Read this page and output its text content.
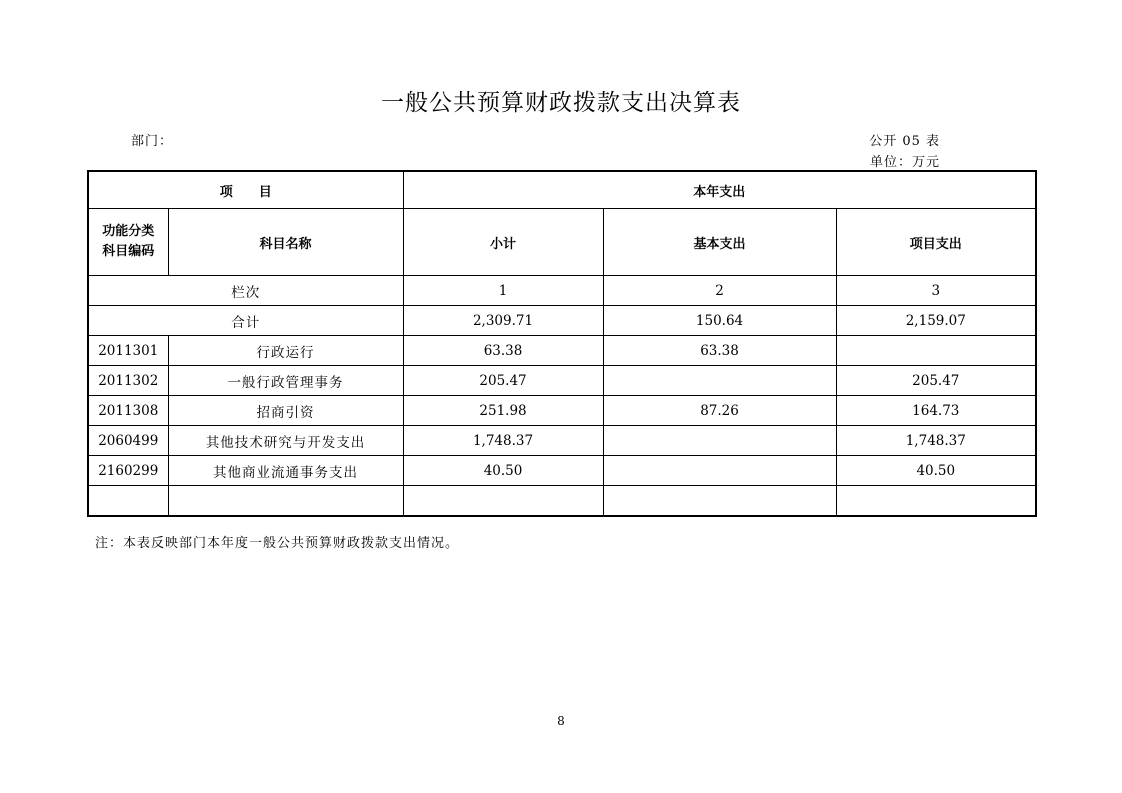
一般公共预算财政拨款支出决算表
部门：	公开 05 表
单位：万元
项　　目		本年支出		
功能分类
科目编码	科目名称	小计	基本支出	项目支出
栏次		1	2	3
合计		2,309.71	150.64	2,159.07
2011301	行政运行	63.38	63.38	
2011302	一般行政管理事务	205.47		205.47
2011308	招商引资	251.98	87.26	164.73
2060499	其他技术研究与开发支出	1,748.37		1,748.37
2160299	其他商业流通事务支出	40.50		40.50

注：本表反映部门本年度一般公共预算财政拨款支出情况。
8
